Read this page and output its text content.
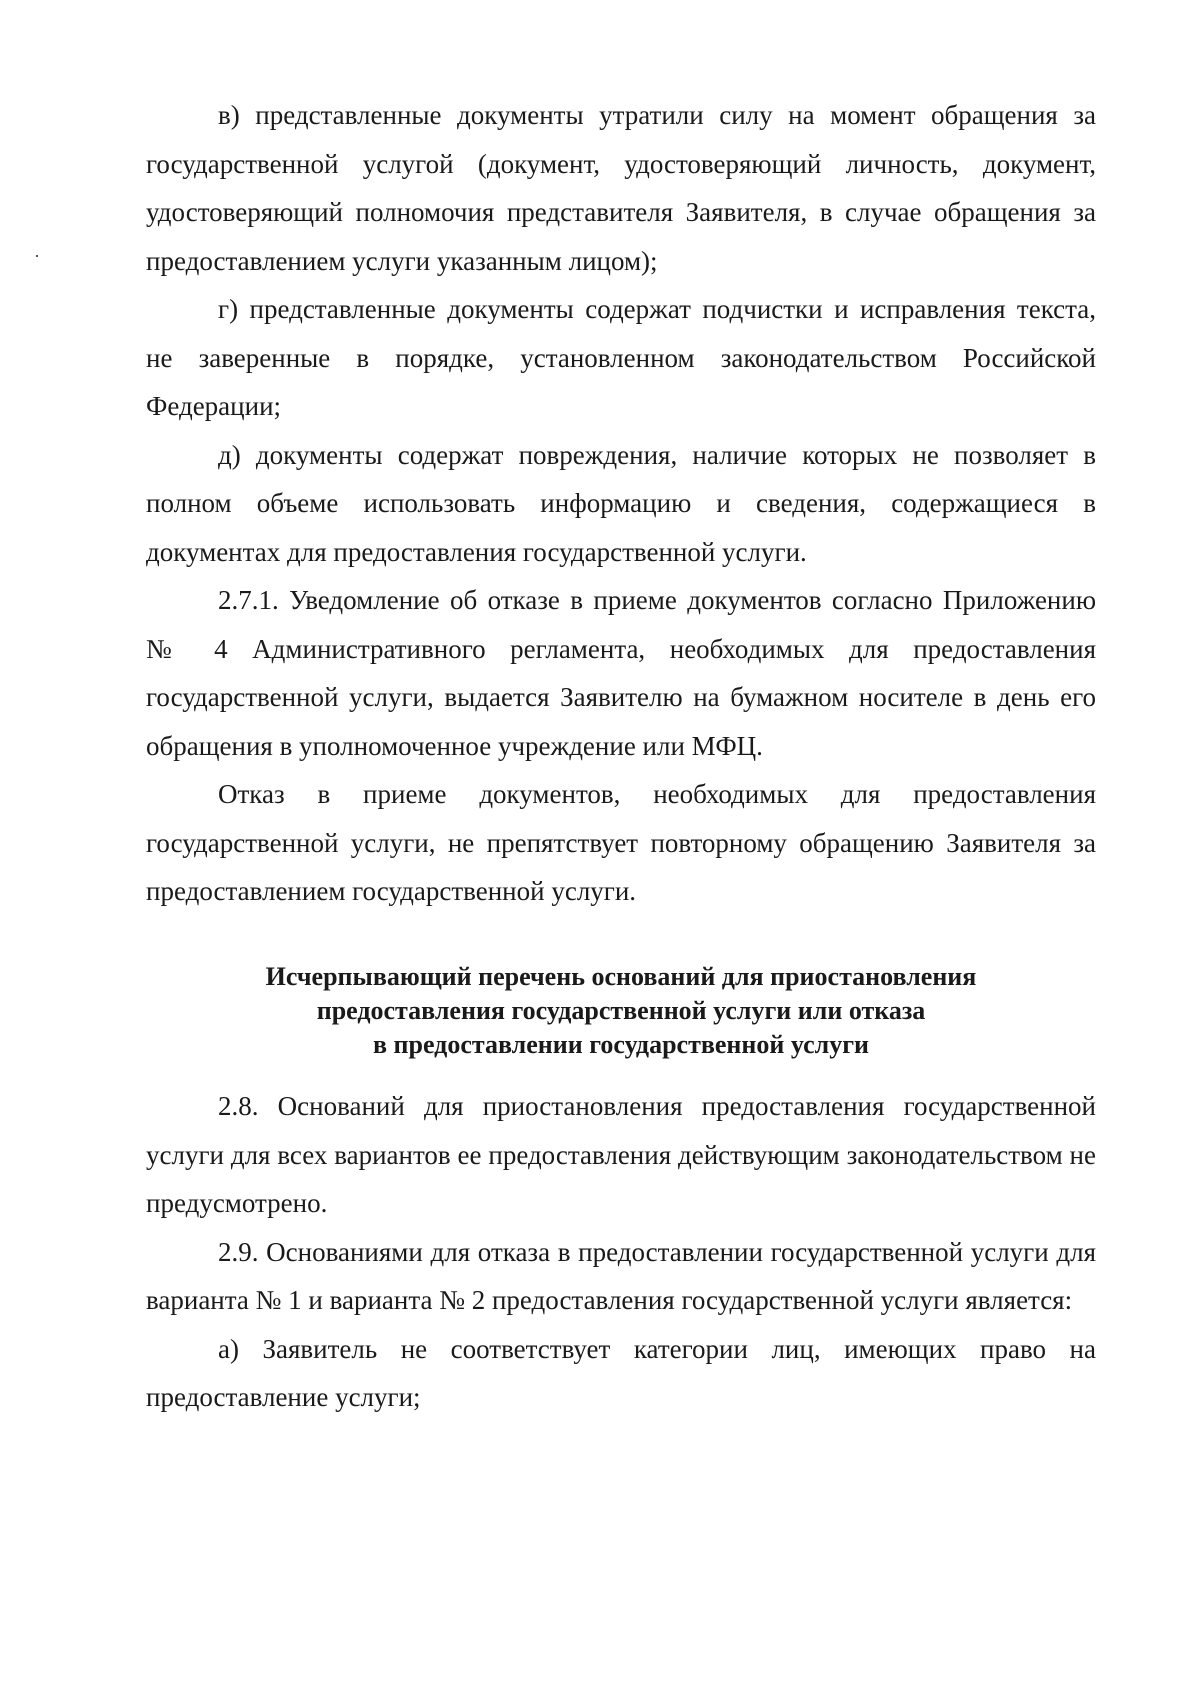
в) представленные документы утратили силу на момент обращения за государственной услугой (документ, удостоверяющий личность, документ, удостоверяющий полномочия представителя Заявителя, в случае обращения за предоставлением услуги указанным лицом);

г) представленные документы содержат подчистки и исправления текста, не заверенные в порядке, установленном законодательством Российской Федерации;

д) документы содержат повреждения, наличие которых не позволяет в полном объеме использовать информацию и сведения, содержащиеся в документах для предоставления государственной услуги.

2.7.1. Уведомление об отказе в приеме документов согласно Приложению № 4 Административного регламента, необходимых для предоставления государственной услуги, выдается Заявителю на бумажном носителе в день его обращения в уполномоченное учреждение или МФЦ.

Отказ в приеме документов, необходимых для предоставления государственной услуги, не препятствует повторному обращению Заявителя за предоставлением государственной услуги.

Исчерпывающий перечень оснований для приостановления
предоставления государственной услуги или отказа
в предоставлении государственной услуги

2.8. Оснований для приостановления предоставления государственной услуги для всех вариантов ее предоставления действующим законодательством не предусмотрено.

2.9. Основаниями для отказа в предоставлении государственной услуги для варианта № 1 и варианта № 2 предоставления государственной услуги является:

а) Заявитель не соответствует категории лиц, имеющих право на предоставление услуги;
